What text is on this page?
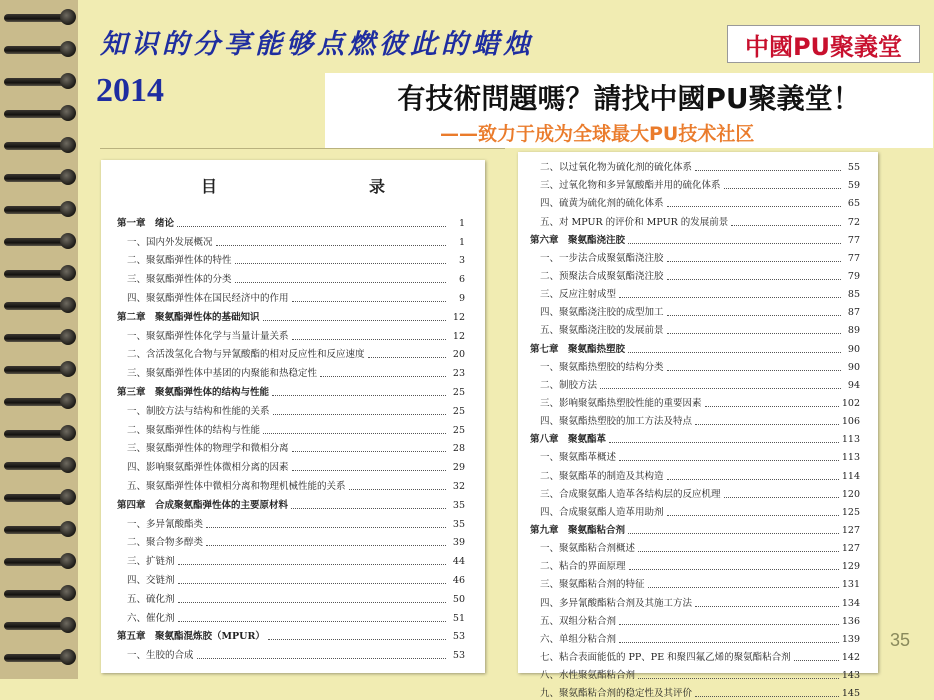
知识的分享能够点燃彼此的蜡烛
2014
中國PU聚義堂
有技術問題嗎？請找中國PU聚義堂！
——致力于成为全球最大PU技术社区
目　　录
第一章　绪论	1
一、国内外发展概况	1
二、聚氨酯弹性体的特性	3
三、聚氨酯弹性体的分类	6
四、聚氨酯弹性体在国民经济中的作用	9
第二章　聚氨酯弹性体的基础知识	12
一、聚氨酯弹性体化学与当量计量关系	12
二、含活泼氢化合物与异氰酸酯的相对反应性和反应速度	20
三、聚氨酯弹性体中基团的内聚能和热稳定性	23
第三章　聚氨酯弹性体的结构与性能	25
一、制胶方法与结构和性能的关系	25
二、聚氨酯弹性体的结构与性能	25
三、聚氨酯弹性体的物理学和微相分离	28
四、影响聚氨酯弹性体微相分离的因素	29
五、聚氨酯弹性体中微相分离和物理机械性能的关系	32
第四章　合成聚氨酯弹性体的主要原材料	35
一、多异氰酸酯类	35
二、聚合物多醇类	39
三、扩链剂	44
四、交链剂	46
五、硫化剂	50
六、催化剂	51
第五章　聚氨酯混炼胶（MPUR）	53
一、生胶的合成	53
二、以过氧化物为硫化剂的硫化体系	55
三、过氧化物和多异氰酸酯并用的硫化体系	59
四、硫黄为硫化剂的硫化体系	65
五、对 MPUR 的评价和 MPUR 的发展前景	72
第六章　聚氨酯浇注胶	77
一、一步法合成聚氨酯浇注胶	77
二、预聚法合成聚氨酯浇注胶	79
三、反应注射成型	85
四、聚氨酯浇注胶的成型加工	87
五、聚氨酯浇注胶的发展前景	89
第七章　聚氨酯热塑胶	90
一、聚氨酯热塑胶的结构分类	90
二、制胶方法	94
三、影响聚氨酯热塑胶性能的重要因素	102
四、聚氨酯热塑胶的加工方法及特点	106
第八章　聚氨酯革	113
一、聚氨酯革概述	113
二、聚氨酯革的制造及其构造	114
三、合成聚氨酯人造革各结构层的反应机理	120
四、合成聚氨酯人造革用助剂	125
第九章　聚氨酯粘合剂	127
一、聚氨酯粘合剂概述	127
二、粘合的界面原理	129
三、聚氨酯粘合剂的特征	131
四、多异氰酸酯粘合剂及其施工方法	134
五、双组分粘合剂	136
六、单组分粘合剂	139
七、粘合表面能低的 PP、PE 和聚四氟乙烯的聚氨酯粘合剂	142
八、水性聚氨酯粘合剂	143
九、聚氨酯粘合剂的稳定性及其评价	145
35
